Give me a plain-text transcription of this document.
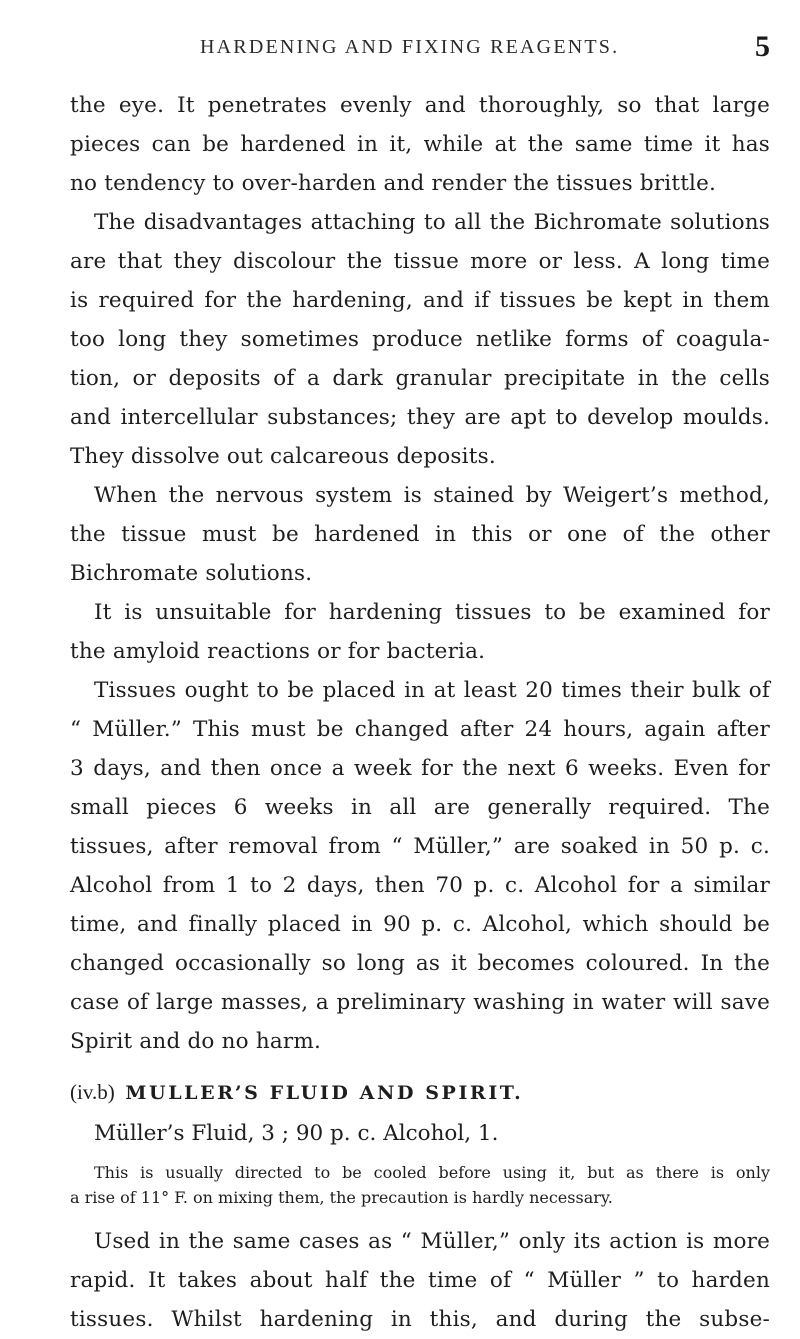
HARDENING AND FIXING REAGENTS.	5
the eye. It penetrates evenly and thoroughly, so that large
pieces can be hardened in it, while at the same time it has
no tendency to over-harden and render the tissues brittle.
The disadvantages attaching to all the Bichromate solutions
are that they discolour the tissue more or less. A long time
is required for the hardening, and if tissues be kept in them
too long they sometimes produce netlike forms of coagula-
tion, or deposits of a dark granular precipitate in the cells
and intercellular substances; they are apt to develop moulds.
They dissolve out calcareous deposits.
When the nervous system is stained by Weigert’s method,
the tissue must be hardened in this or one of the other
Bichromate solutions.
It is unsuitable for hardening tissues to be examined for
the amyloid reactions or for bacteria.
Tissues ought to be placed in at least 20 times their bulk of
“ Müller.” This must be changed after 24 hours, again after
3 days, and then once a week for the next 6 weeks. Even for
small pieces 6 weeks in all are generally required. The
tissues, after removal from “ Müller,” are soaked in 50 p. c.
Alcohol from 1 to 2 days, then 70 p. c. Alcohol for a similar
time, and finally placed in 90 p. c. Alcohol, which should be
changed occasionally so long as it becomes coloured. In the
case of large masses, a preliminary washing in water will save
Spirit and do no harm.
(iv.b) MULLER’S FLUID AND SPIRIT.
Müller’s Fluid, 3 ; 90 p. c. Alcohol, 1.
This is usually directed to be cooled before using it, but as there is only
a rise of 11° F. on mixing them, the precaution is hardly necessary.
Used in the same cases as “ Müller,” only its action is more
rapid. It takes about half the time of “ Müller ” to harden
tissues. Whilst hardening in this, and during the subse-
